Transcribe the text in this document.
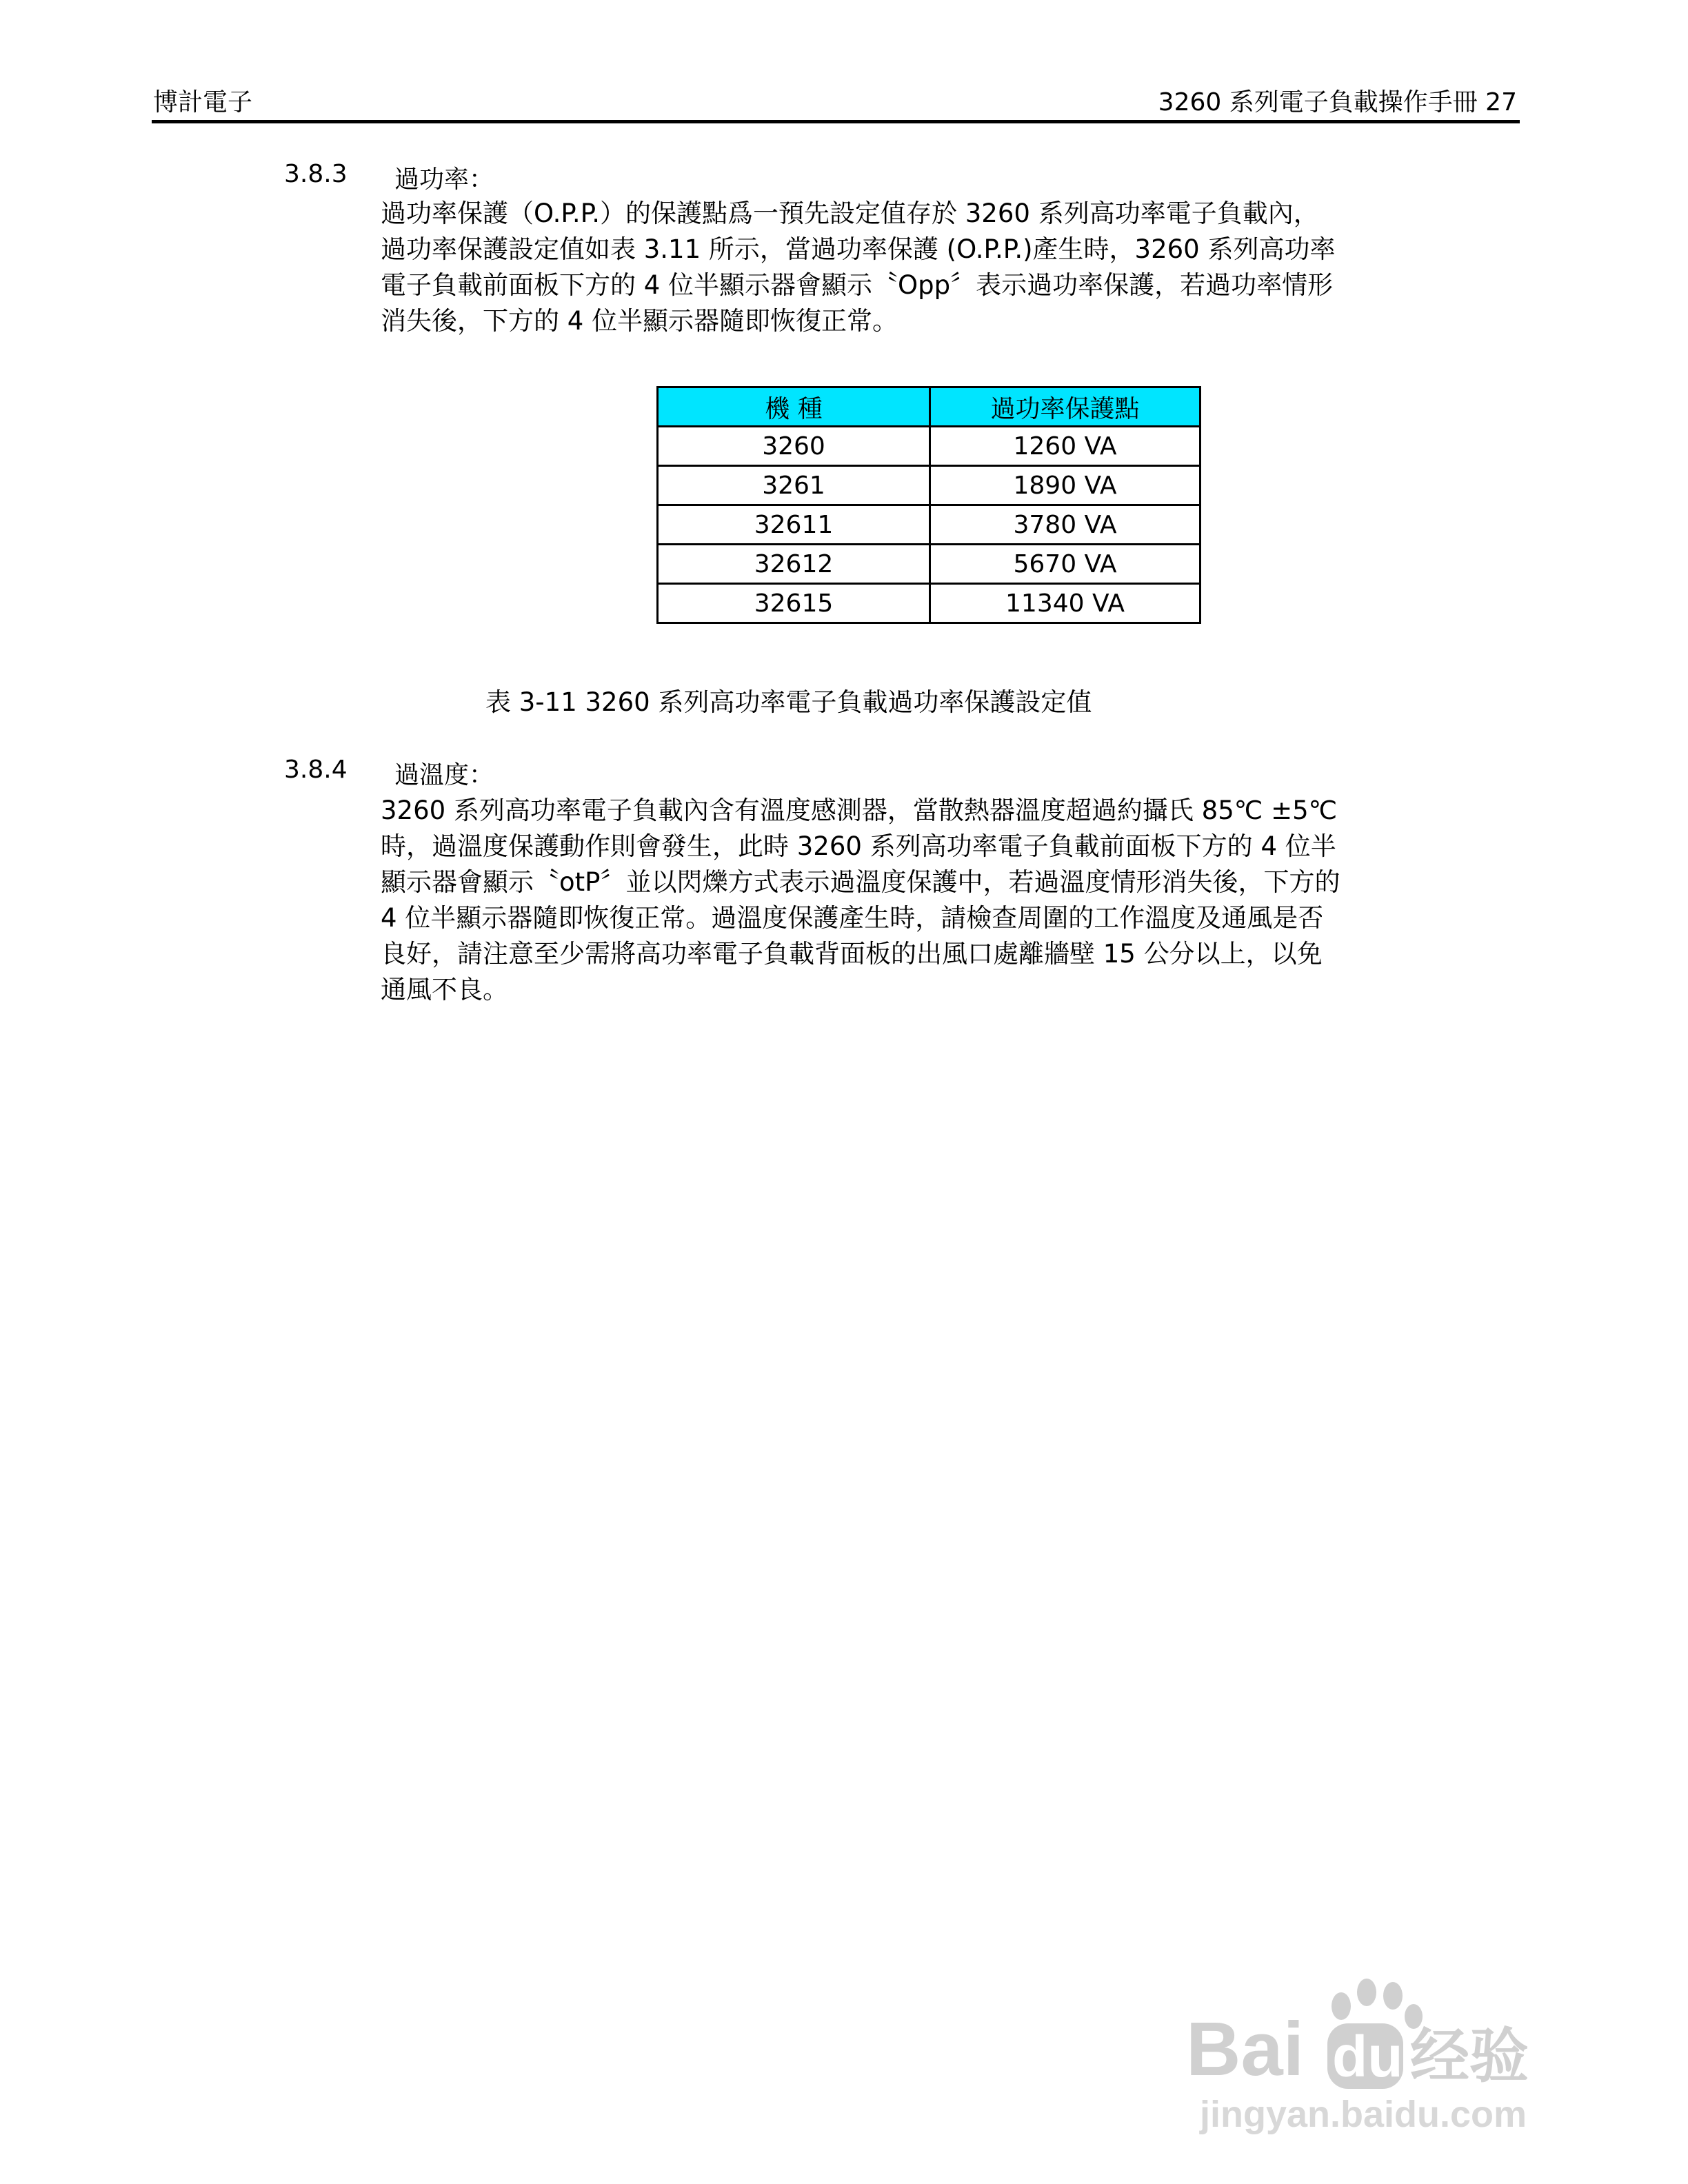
博計電子	3260 系列電子負載操作手冊 27
3.8.3 過功率：
過功率保護（O.P.P.）的保護點爲一預先設定值存於 3260 系列高功率電子負載內，
過功率保護設定值如表 3.11 所示，當過功率保護 (O.P.P.)產生時，3260 系列高功率
電子負載前面板下方的 4 位半顯示器會顯示〝Opp〞表示過功率保護，若過功率情形
消失後，下方的 4 位半顯示器隨即恢復正常。
機 種	過功率保護點
3260	1260 VA
3261	1890 VA
32611	3780 VA
32612	5670 VA
32615	11340 VA
表 3-11 3260 系列高功率電子負載過功率保護設定值
3.8.4 過溫度：
3260 系列高功率電子負載內含有溫度感測器，當散熱器溫度超過約攝氏 85℃ ±5℃
時，過溫度保護動作則會發生，此時 3260 系列高功率電子負載前面板下方的 4 位半
顯示器會顯示〝otP〞並以閃爍方式表示過溫度保護中，若過溫度情形消失後，下方的
4 位半顯示器隨即恢復正常。過溫度保護產生時，請檢查周圍的工作溫度及通風是否
良好，請注意至少需將高功率電子負載背面板的出風口處離牆壁 15 公分以上，以免
通風不良。
Bai du 经验
jingyan.baidu.com
